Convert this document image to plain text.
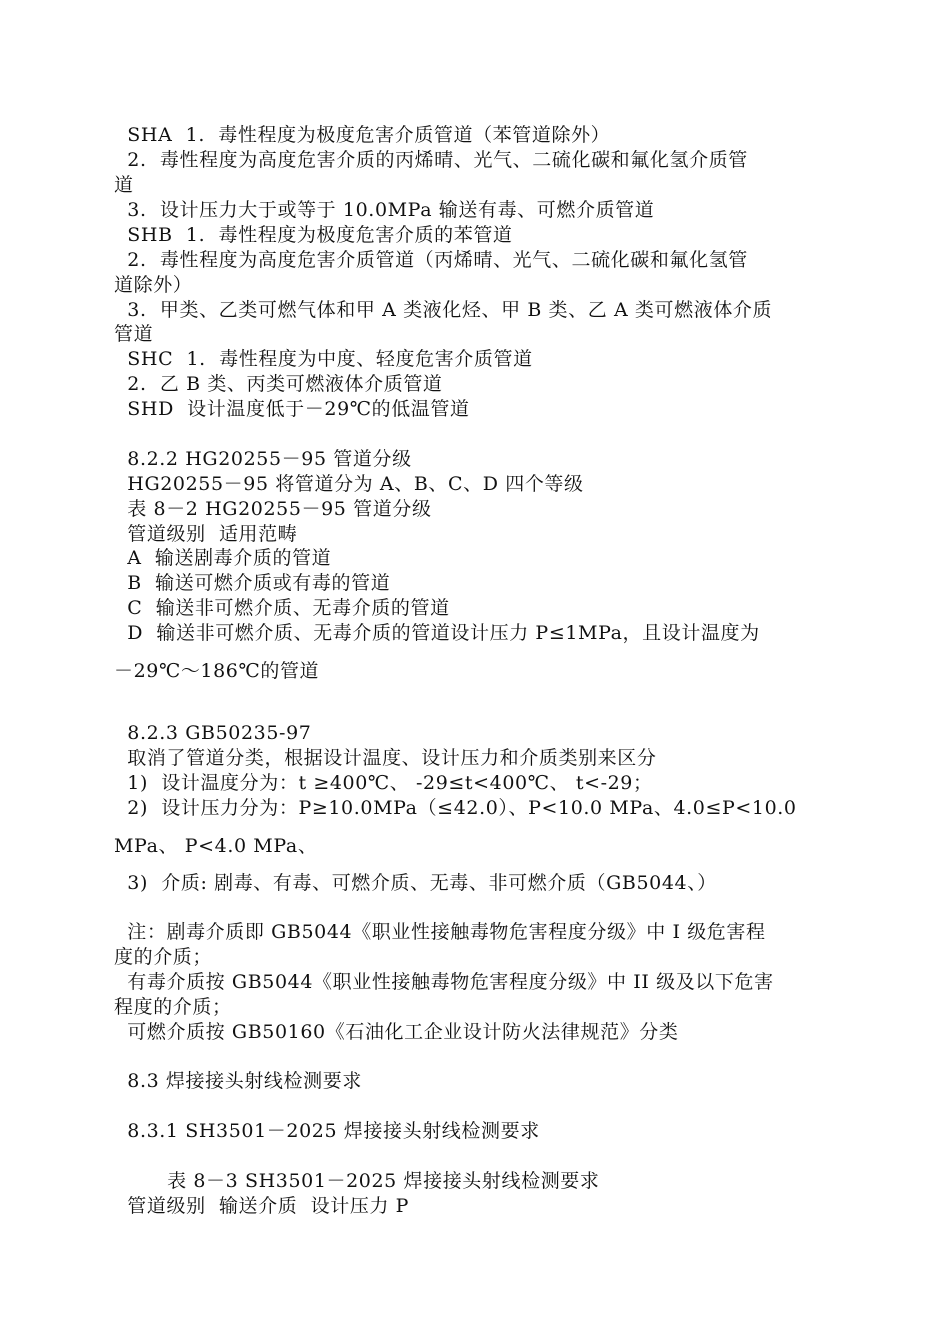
SHA  1.  毒性程度为极度危害介质管道（苯管道除外）
2.  毒性程度为高度危害介质的丙烯晴、光气、二硫化碳和氟化氢介质管
道
3.  设计压力大于或等于 10.0MPa 输送有毒、可燃介质管道
SHB  1.  毒性程度为极度危害介质的苯管道
2.  毒性程度为高度危害介质管道（丙烯晴、光气、二硫化碳和氟化氢管
道除外）
3.  甲类、乙类可燃气体和甲 A 类液化烃、甲 B 类、乙 A 类可燃液体介质
管道
SHC  1.  毒性程度为中度、轻度危害介质管道
2.  乙 B 类、丙类可燃液体介质管道
SHD  设计温度低于－29℃的低温管道
8.2.2 HG20255－95 管道分级
HG20255－95 将管道分为 A、B、C、D 四个等级
表 8－2 HG20255－95 管道分级
管道级别  适用范畴
A  输送剧毒介质的管道
B  输送可燃介质或有毒的管道
C  输送非可燃介质、无毒介质的管道
D  输送非可燃介质、无毒介质的管道设计压力 P≤1MPa，且设计温度为
－29℃～186℃的管道
8.2.3 GB50235-97
取消了管道分类，根据设计温度、设计压力和介质类别来区分
1)  设计温度分为：t ≥400℃、 -29≤t<400℃、 t<-29；
2)  设计压力分为：P≥10.0MPa（≤42.0）、P<10.0 MPa、4.0≤P<10.0
MPa、 P<4.0 MPa、
3)  介质: 剧毒、有毒、可燃介质、无毒、非可燃介质（GB5044、）
注：剧毒介质即 GB5044《职业性接触毒物危害程度分级》中 I 级危害程
度的介质；
有毒介质按 GB5044《职业性接触毒物危害程度分级》中 II 级及以下危害
程度的介质；
可燃介质按 GB50160《石油化工企业设计防火法律规范》分类
8.3 焊接接头射线检测要求
8.3.1 SH3501－2025 焊接接头射线检测要求
表 8－3 SH3501－2025 焊接接头射线检测要求
管道级别  输送介质  设计压力 P
